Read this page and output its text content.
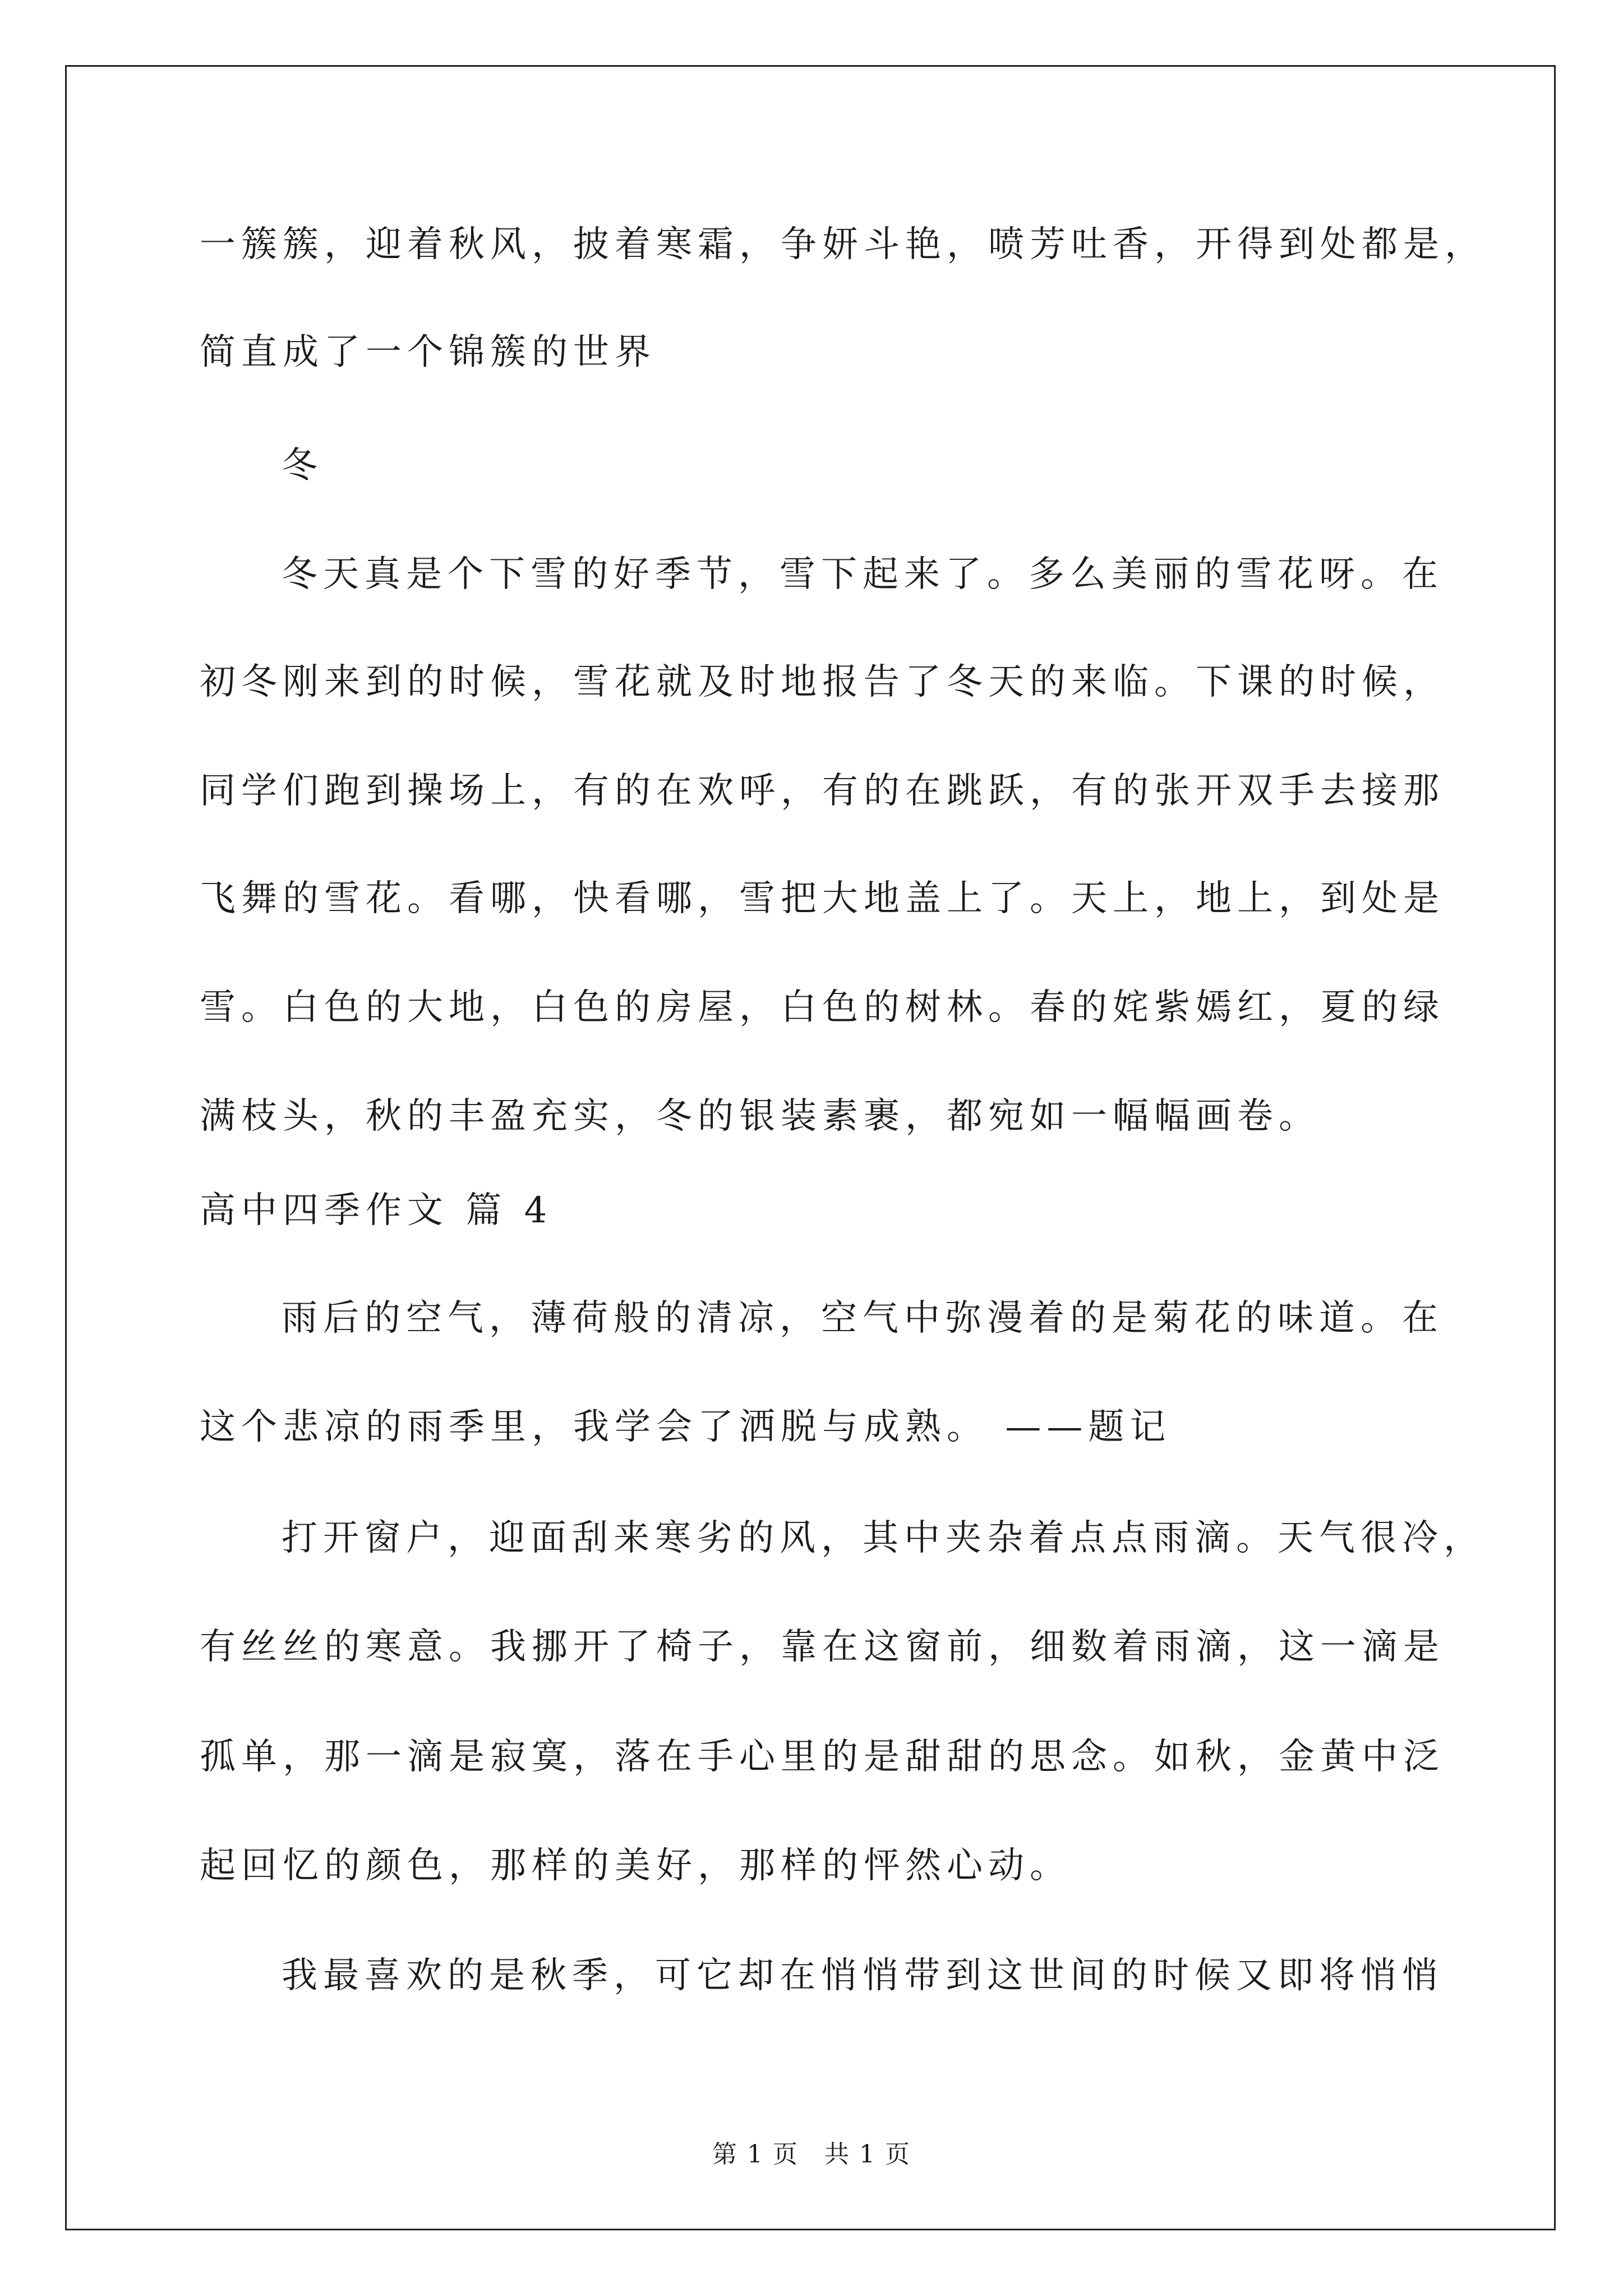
一簇簇，迎着秋风，披着寒霜，争妍斗艳，喷芳吐香，开得到处都是，
简直成了一个锦簇的世界
冬
冬天真是个下雪的好季节，雪下起来了。多么美丽的雪花呀。在
初冬刚来到的时候，雪花就及时地报告了冬天的来临。下课的时候，
同学们跑到操场上，有的在欢呼，有的在跳跃，有的张开双手去接那
飞舞的雪花。看哪，快看哪，雪把大地盖上了。天上，地上，到处是
雪。白色的大地，白色的房屋，白色的树林。春的姹紫嫣红，夏的绿
满枝头，秋的丰盈充实，冬的银装素裹，都宛如一幅幅画卷。
高中四季作文 篇 4
雨后的空气，薄荷般的清凉，空气中弥漫着的是菊花的味道。在
这个悲凉的雨季里，我学会了洒脱与成熟。 ——题记
打开窗户，迎面刮来寒劣的风，其中夹杂着点点雨滴。天气很冷，
有丝丝的寒意。我挪开了椅子，靠在这窗前，细数着雨滴，这一滴是
孤单，那一滴是寂寞，落在手心里的是甜甜的思念。如秋，金黄中泛
起回忆的颜色，那样的美好，那样的怦然心动。
我最喜欢的是秋季，可它却在悄悄带到这世间的时候又即将悄悄
第 1 页　共 1 页
